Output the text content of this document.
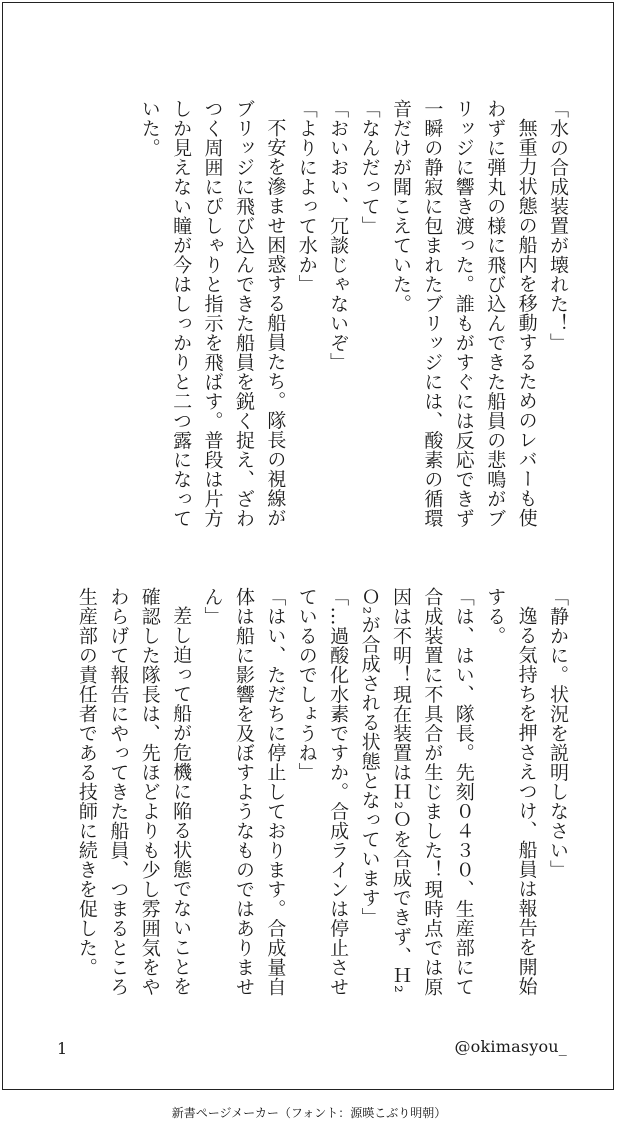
「水の合成装置が壊れた！」

無重力状態の船内を移動するためのレバーも使わずに弾丸の様に飛び込んできた船員の悲鳴がブリッジに響き渡った。誰もがすぐには反応できず一瞬の静寂に包まれたブリッジには、酸素の循環音だけが聞こえていた。

「なんだって」

「おいおい、冗談じゃないぞ」

「よりによって水か」

不安を滲ませ困惑する船員たち。隊長の視線がブリッジに飛び込んできた船員を鋭く捉え、ざわつく周囲にぴしゃりと指示を飛ばす。普段は片方しか見えない瞳が今はしっかりと二つ露になっていた。

「静かに。状況を説明しなさい」

逸る気持ちを押さえつけ、船員は報告を開始する。

「は、はい、隊長。先刻０４３０、生産部にて合成装置に不具合が生じました！現時点では原因は不明！現在装置はＨ₂Ｏを合成できず、Ｈ₂Ｏ₂が合成される状態となっています」

「…過酸化水素ですか。合成ラインは停止させているのでしょうね」

「はい、ただちに停止しております。合成量自体は船に影響を及ぼすようなものではありません」

差し迫って船が危機に陥る状態でないことを確認した隊長は、先ほどよりも少し雰囲気をやわらげて報告にやってきた船員、つまるところ生産部の責任者である技師に続きを促した。

1	@okimasyou_
新書ページメーカー（フォント：源暎こぶり明朝）
